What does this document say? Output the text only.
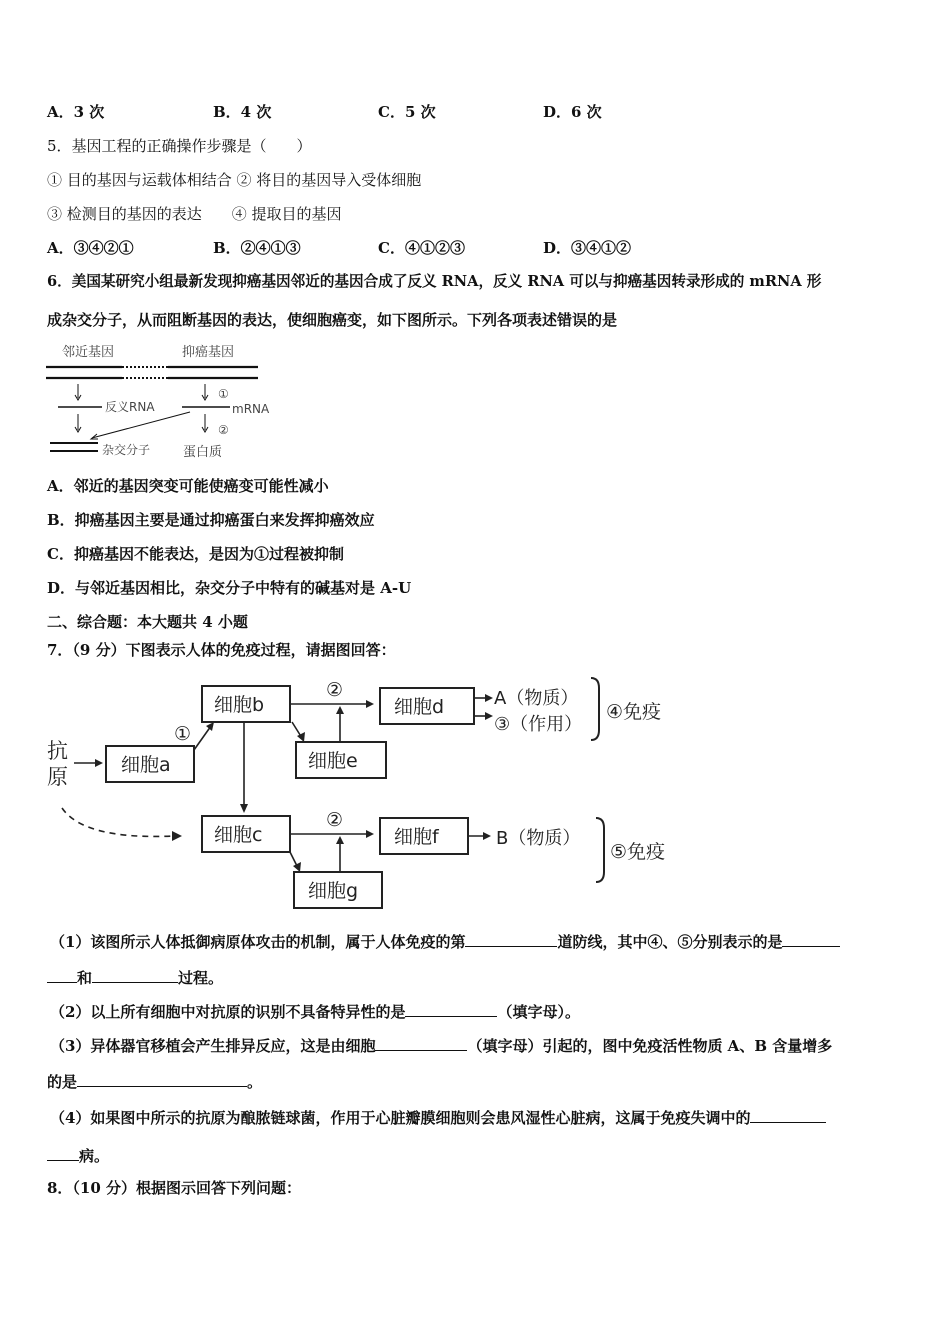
A．3 次	B．4 次	C．5 次	D．6 次
5．基因工程的正确操作步骤是（　　）
① 目的基因与运载体相结合 ② 将目的基因导入受体细胞
③ 检测目的基因的表达　　④ 提取目的基因
A．③④②①	B．②④①③	C．④①②③	D．③④①②
6．美国某研究小组最新发现抑癌基因邻近的基因合成了反义 RNA，反义 RNA 可以与抑癌基因转录形成的 mRNA 形
成杂交分子，从而阻断基因的表达，使细胞癌变，如下图所示。下列各项表述错误的是
邻近基因	抑癌基因
①
反义RNA	mRNA
②
杂交分子	蛋白质
A．邻近的基因突变可能使癌变可能性减小
B．抑癌基因主要是通过抑癌蛋白来发挥抑癌效应
C．抑癌基因不能表达，是因为①过程被抑制
D．与邻近基因相比，杂交分子中特有的碱基对是 A-U
二、综合题：本大题共 4 小题
7．（9 分）下图表示人体的免疫过程，请据图回答：
抗
原	细胞a
①
细胞b
②
细胞e
细胞d	A（物质）
③（作用）
④免疫
细胞c
②
细胞g
细胞f	B（物质）
⑤免疫
（1）该图所示人体抵御病原体攻击的机制，属于人体免疫的第	道防线，其中④、⑤分别表示的是
和	过程。
（2）以上所有细胞中对抗原的识别不具备特异性的是	（填字母）。
（3）异体器官移植会产生排异反应，这是由细胞	（填字母）引起的，图中免疫活性物质 A、B 含量增多
的是	。
（4）如果图中所示的抗原为酿脓链球菌，作用于心脏瓣膜细胞则会患风湿性心脏病，这属于免疫失调中的
病。
8．（10 分）根据图示回答下列问题：
